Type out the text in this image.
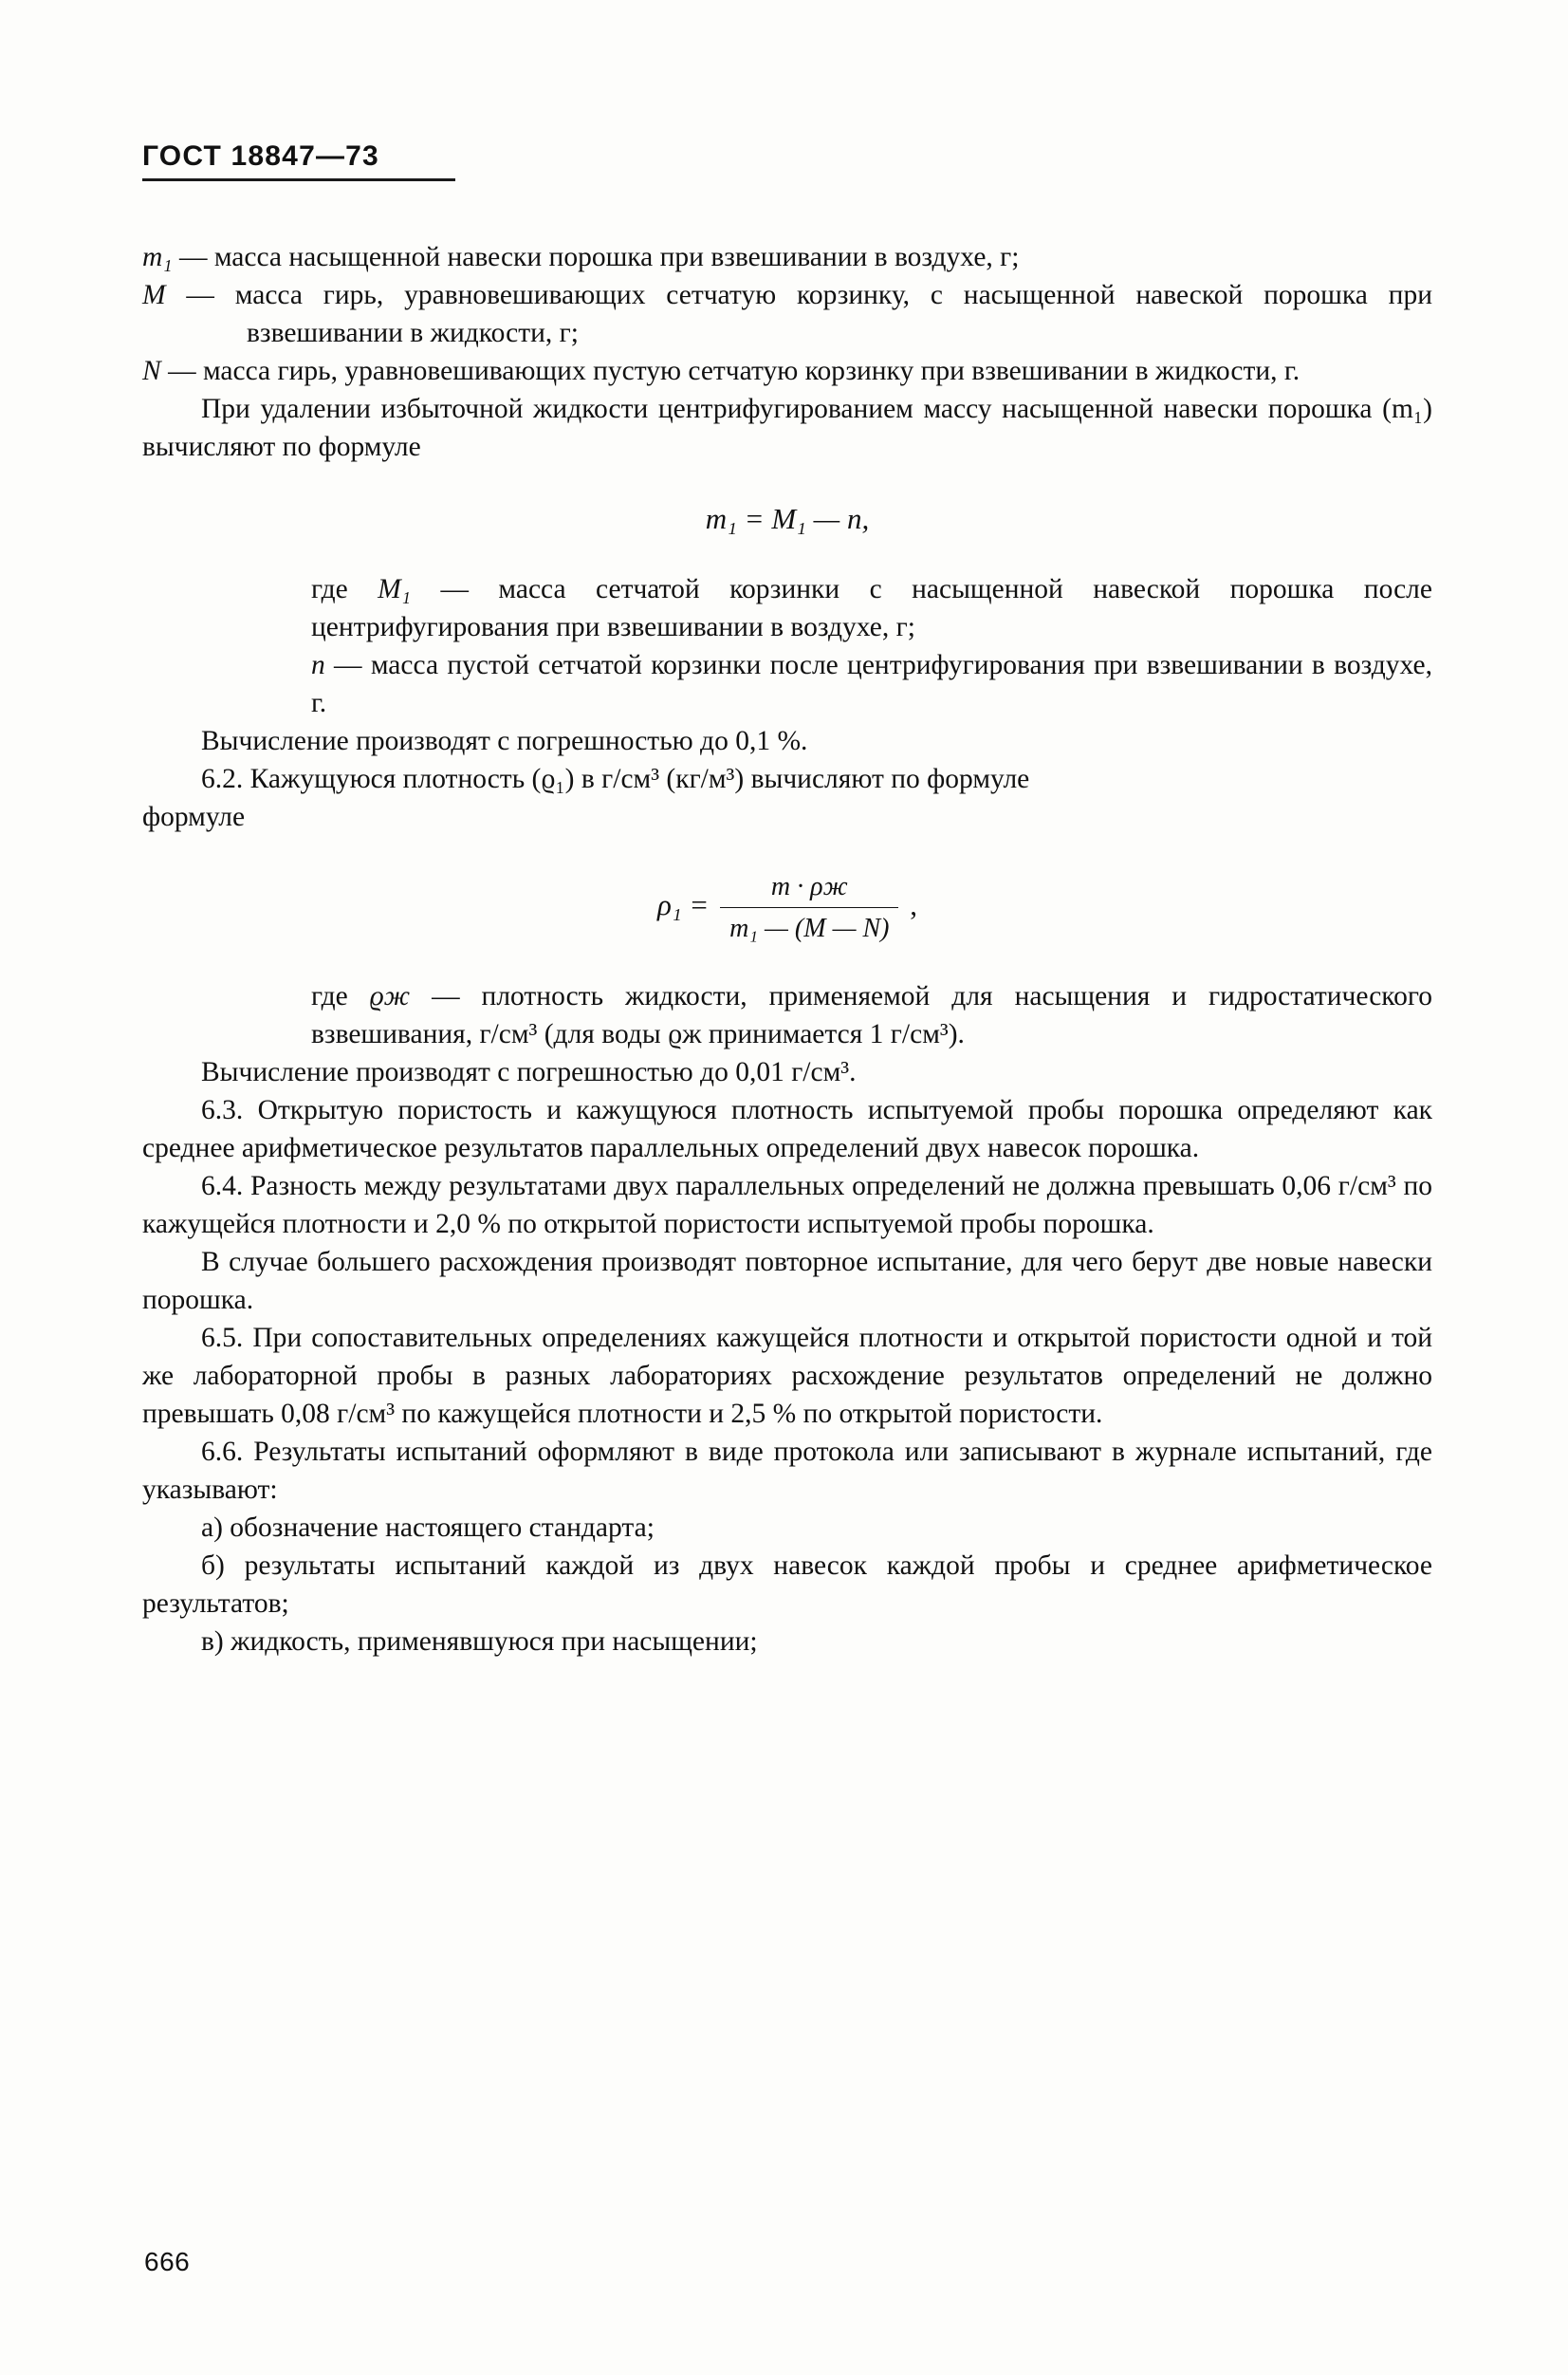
ГОСТ 18847—73

m₁ — масса насыщенной навески порошка при взвешивании в воздухе, г;

M — масса гирь, уравновешивающих сетчатую корзинку, с насыщенной навеской порошка при взвешивании в жидкости, г;

N — масса гирь, уравновешивающих пустую сетчатую корзинку при взвешивании в жидкости, г.

При удалении избыточной жидкости центрифугированием массу насыщенной навески порошка (m₁) вычисляют по формуле

m₁ = M₁ — n,

где M₁ — масса сетчатой корзинки с насыщенной навеской порошка после центрифугирования при взвешивании в воздухе, г;

n — масса пустой сетчатой корзинки после центрифугирования при взвешивании в воздухе, г.

Вычисление производят с погрешностью до 0,1 %.

6.2. Кажущуюся плотность (ϱ₁) в г/см³ (кг/м³) вычисляют по формуле

формуле

$\rho_1 = \frac{m \cdot \rho ж}{\text{m₁ — (M — N)}}$ ,

где ϱж — плотность жидкости, применяемой для насыщения и гидростатического взвешивания, г/см³ (для воды ϱж принимается 1 г/см³).

Вычисление производят с погрешностью до 0,01 г/см³.

6.3. Открытую пористость и кажущуюся плотность испытуемой пробы порошка определяют как среднее арифметическое результатов параллельных определений двух навесок порошка.

6.4. Разность между результатами двух параллельных определений не должна превышать 0,06 г/см³ по кажущейся плотности и 2,0 % по открытой пористости испытуемой пробы порошка.

В случае большего расхождения производят повторное испытание, для чего берут две новые навески порошка.

6.5. При сопоставительных определениях кажущейся плотности и открытой пористости одной и той же лабораторной пробы в разных лабораториях расхождение результатов определений не должно превышать 0,08 г/см³ по кажущейся плотности и 2,5 % по открытой пористости.

6.6. Результаты испытаний оформляют в виде протокола или записывают в журнале испытаний, где указывают:

а) обозначение настоящего стандарта;

б) результаты испытаний каждой из двух навесок каждой пробы и среднее арифметическое результатов;

в) жидкость, применявшуюся при насыщении;

666
